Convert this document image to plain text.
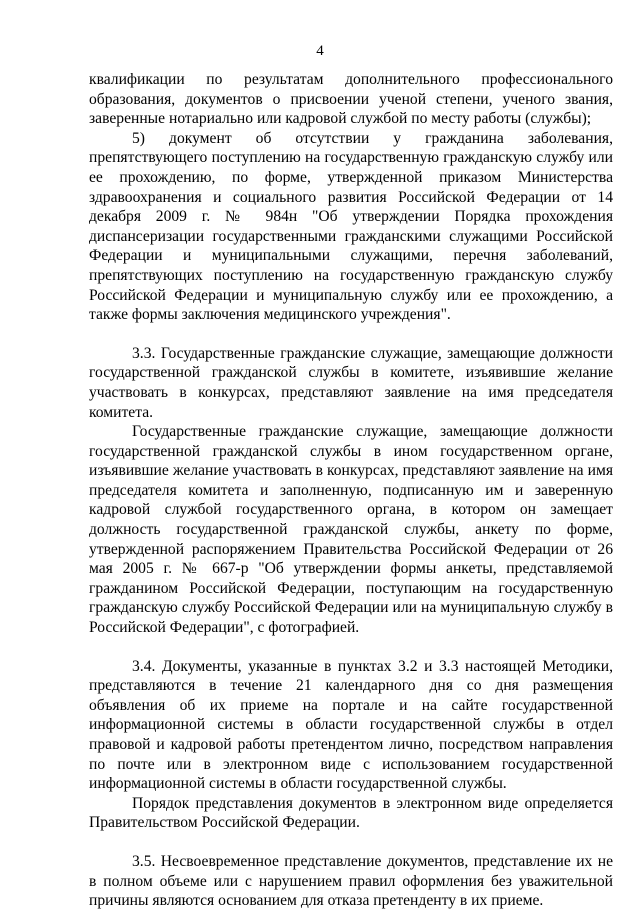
4

квалификации по результатам дополнительного профессионального образования, документов о присвоении ученой степени, ученого звания, заверенные нотариально или кадровой службой по месту работы (службы);

5) документ об отсутствии у гражданина заболевания, препятствующего поступлению на государственную гражданскую службу или ее прохождению, по форме, утвержденной приказом Министерства здравоохранения и социального развития Российской Федерации от 14 декабря 2009 г. № 984н "Об утверждении Порядка прохождения диспансеризации государственными гражданскими служащими Российской Федерации и муниципальными служащими, перечня заболеваний, препятствующих поступлению на государственную гражданскую службу Российской Федерации и муниципальную службу или ее прохождению, а также формы заключения медицинского учреждения".

3.3. Государственные гражданские служащие, замещающие должности государственной гражданской службы в комитете, изъявившие желание участвовать в конкурсах, представляют заявление на имя председателя комитета.

Государственные гражданские служащие, замещающие должности государственной гражданской службы в ином государственном органе, изъявившие желание участвовать в конкурсах, представляют заявление на имя председателя комитета и заполненную, подписанную им и заверенную кадровой службой государственного органа, в котором он замещает должность государственной гражданской службы, анкету по форме, утвержденной распоряжением Правительства Российской Федерации от 26 мая 2005 г. № 667-р "Об утверждении формы анкеты, представляемой гражданином Российской Федерации, поступающим на государственную гражданскую службу Российской Федерации или на муниципальную службу в Российской Федерации", с фотографией.

3.4. Документы, указанные в пунктах 3.2 и 3.3 настоящей Методики, представляются в течение 21 календарного дня со дня размещения объявления об их приеме на портале и на сайте государственной информационной системы в области государственной службы в отдел правовой и кадровой работы претендентом лично, посредством направления по почте или в электронном виде с использованием государственной информационной системы в области государственной службы.

Порядок представления документов в электронном виде определяется Правительством Российской Федерации.

3.5. Несвоевременное представление документов, представление их не в полном объеме или с нарушением правил оформления без уважительной причины являются основанием для отказа претенденту в их приеме.
